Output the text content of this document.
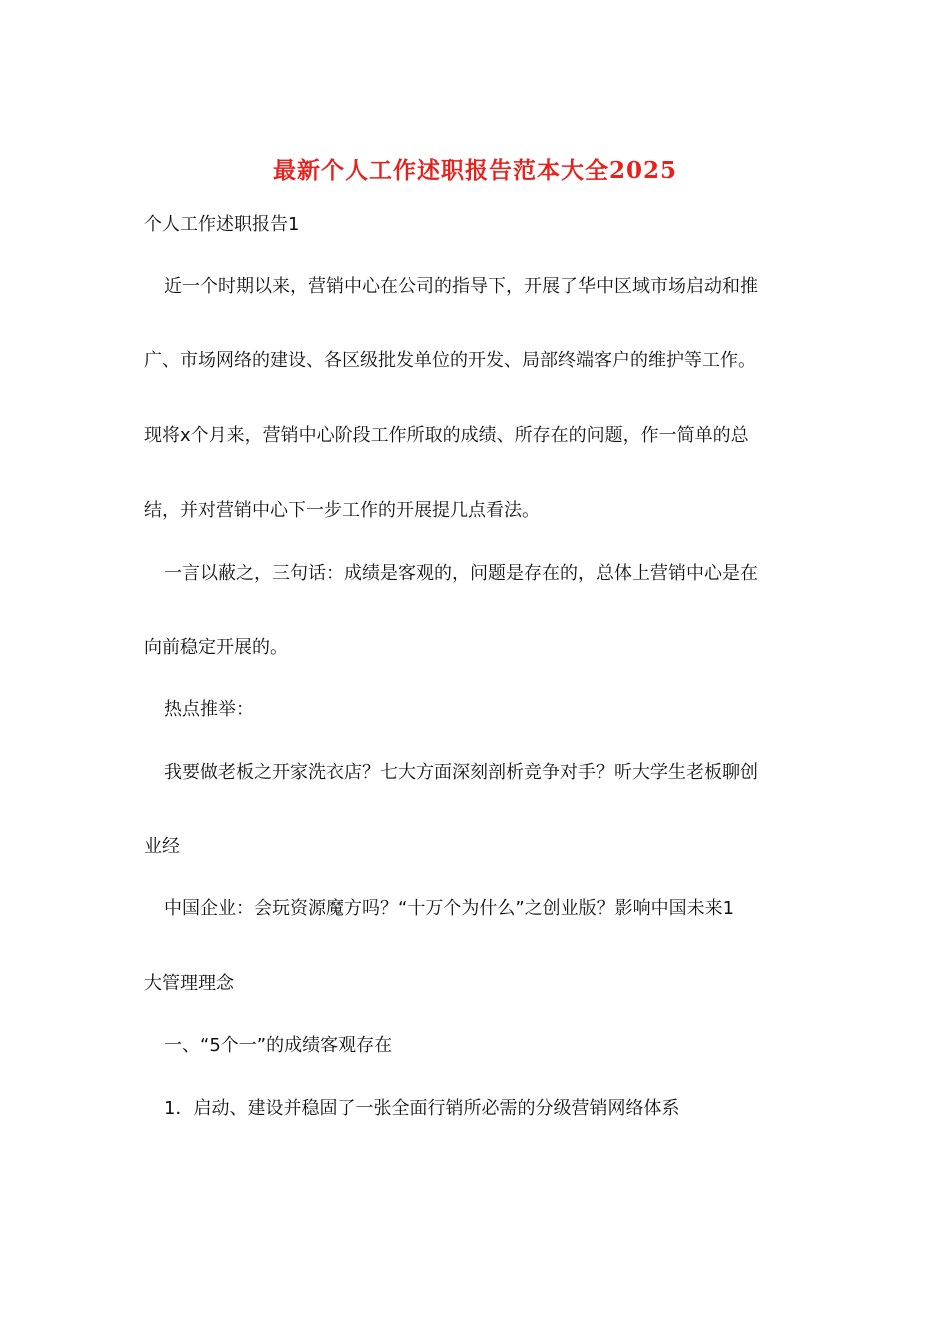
最新个人工作述职报告范本大全2025
个人工作述职报告1
近一个时期以来，营销中心在公司的指导下，开展了华中区域市场启动和推
广、市场网络的建设、各区级批发单位的开发、局部终端客户的维护等工作。
现将x个月来，营销中心阶段工作所取的成绩、所存在的问题，作一简单的总
结，并对营销中心下一步工作的开展提几点看法。
一言以蔽之，三句话：成绩是客观的，问题是存在的，总体上营销中心是在
向前稳定开展的。
热点推举：
我要做老板之开家洗衣店？七大方面深刻剖析竞争对手？听大学生老板聊创
业经
中国企业：会玩资源魔方吗？“十万个为什么”之创业版？影响中国未来1
大管理理念
一、“5个一”的成绩客观存在
1．启动、建设并稳固了一张全面行销所必需的分级营销网络体系
